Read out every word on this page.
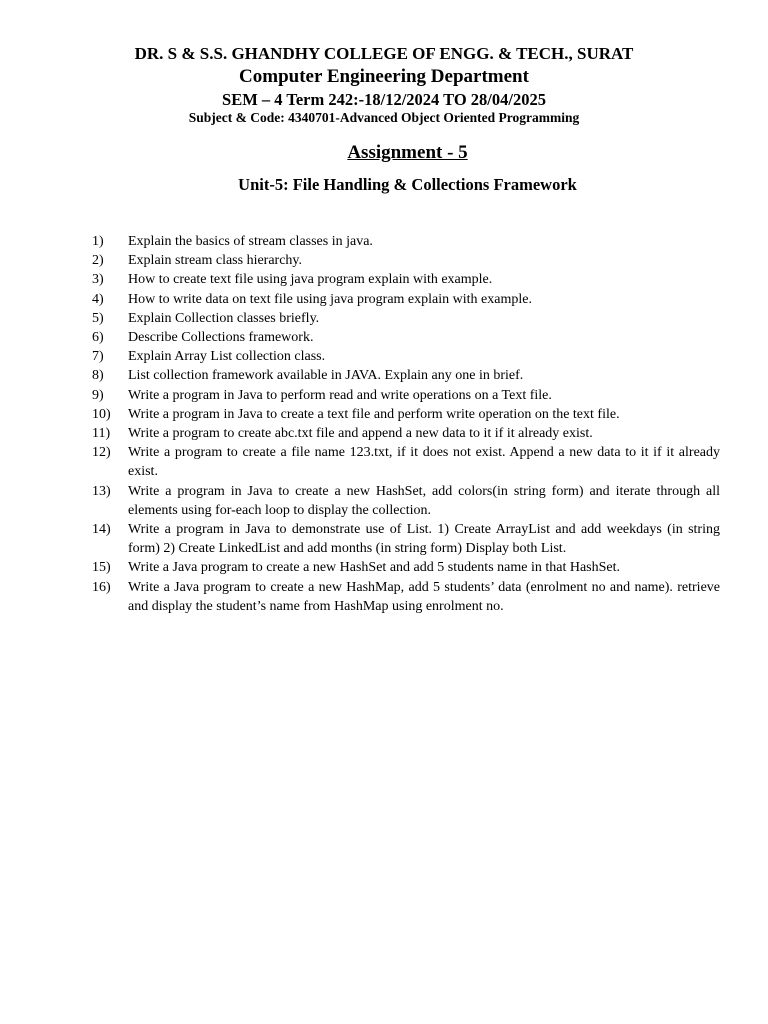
DR. S & S.S. GHANDHY COLLEGE OF ENGG. & TECH., SURAT
Computer Engineering Department
SEM – 4 Term 242:-18/12/2024 TO 28/04/2025
Subject & Code: 4340701-Advanced Object Oriented Programming
Assignment - 5
Unit-5: File Handling & Collections Framework
1) Explain the basics of stream classes in java.
2) Explain stream class hierarchy.
3) How to create text file using java program explain with example.
4) How to write data on text file using java program explain with example.
5) Explain Collection classes briefly.
6) Describe Collections framework.
7) Explain Array List collection class.
8) List collection framework available in JAVA. Explain any one in brief.
9) Write a program in Java to perform read and write operations on a Text file.
10) Write a program in Java to create a text file and perform write operation on the text file.
11) Write a program to create abc.txt file and append a new data to it if it already exist.
12) Write a program to create a file name 123.txt, if it does not exist. Append a new data to it if it already exist.
13) Write a program in Java to create a new HashSet, add colors(in string form) and iterate through all elements using for-each loop to display the collection.
14) Write a program in Java to demonstrate use of List. 1) Create ArrayList and add weekdays (in string form) 2) Create LinkedList and add months (in string form) Display both List.
15) Write a Java program to create a new HashSet and add 5 students name in that HashSet.
16) Write a Java program to create a new HashMap, add 5 students’ data (enrolment no and name). retrieve and display the student’s name from HashMap using enrolment no.
